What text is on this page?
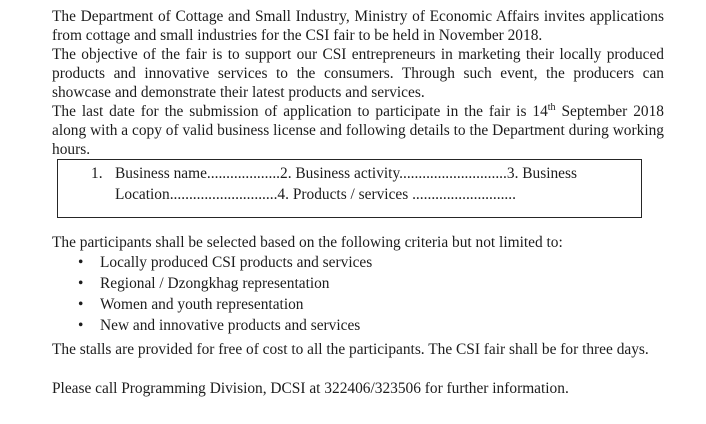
The Department of Cottage and Small Industry, Ministry of Economic Affairs invites applications
from cottage and small industries for the CSI fair to be held in November 2018.
The objective of the fair is to support our CSI entrepreneurs in marketing their locally produced
products and innovative services to the consumers. Through such event, the producers can
showcase and demonstrate their latest products and services.
The last date for the submission of application to participate in the fair is 14th September 2018
along with a copy of valid business license and following details to the Department during working
hours.
1. Business name...................2. Business activity............................3. Business
Location............................4. Products / services ...........................
The participants shall be selected based on the following criteria but not limited to:
•	Locally produced CSI products and services
•	Regional / Dzongkhag representation
•	Women and youth representation
•	New and innovative products and services
The stalls are provided for free of cost to all the participants. The CSI fair shall be for three days.
Please call Programming Division, DCSI at 322406/323506 for further information.
